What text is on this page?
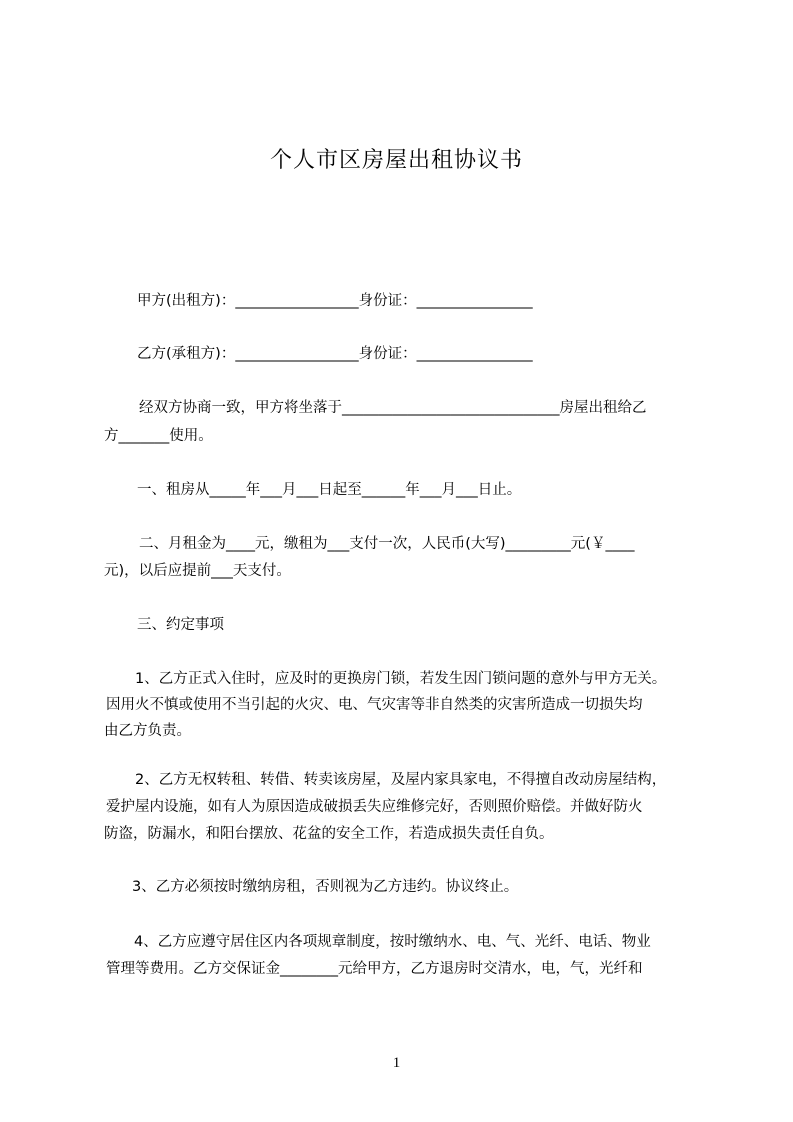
个人市区房屋出租协议书
甲方(出租方)：_________________身份证：________________
乙方(承租方)：_________________身份证：________________
经双方协商一致，甲方将坐落于______________________________房屋出租给乙
方_______使用。
一、租房从_____年___月___日起至______年___月___日止。
二、月租金为____元，缴租为___支付一次，人民币(大写)_________元(￥____
元)，以后应提前___天支付。
三、约定事项
1、乙方正式入住时，应及时的更换房门锁，若发生因门锁问题的意外与甲方无关。
因用火不慎或使用不当引起的火灾、电、气灾害等非自然类的灾害所造成一切损失均
由乙方负责。
2、乙方无权转租、转借、转卖该房屋，及屋内家具家电，不得擅自改动房屋结构，
爱护屋内设施，如有人为原因造成破损丢失应维修完好，否则照价赔偿。并做好防火
防盗，防漏水，和阳台摆放、花盆的安全工作，若造成损失责任自负。
3、乙方必须按时缴纳房租，否则视为乙方违约。协议终止。
4、乙方应遵守居住区内各项规章制度，按时缴纳水、电、气、光纤、电话、物业
管理等费用。乙方交保证金________元给甲方，乙方退房时交清水，电，气，光纤和
1
